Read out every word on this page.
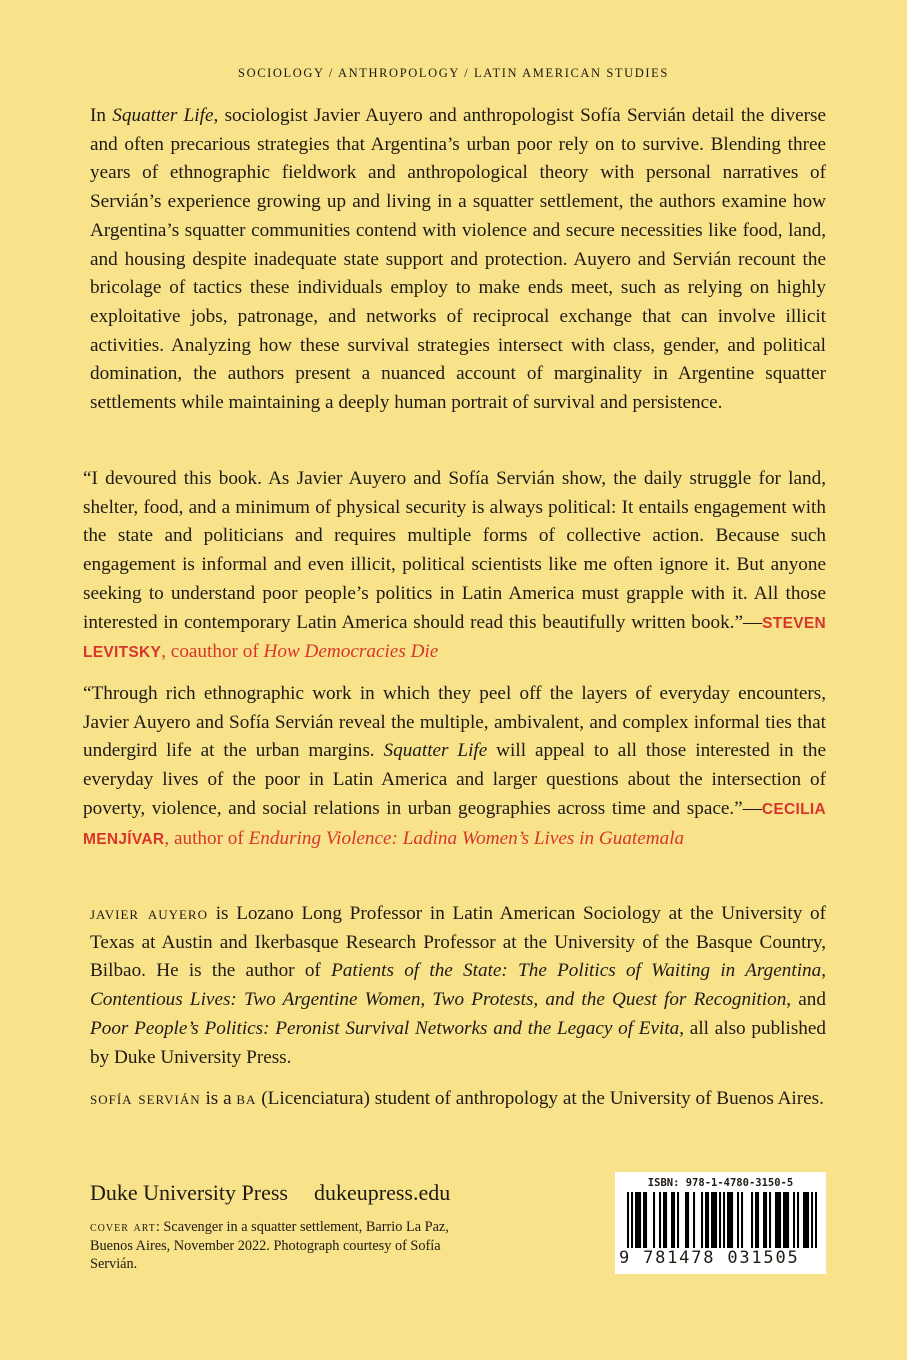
SOCIOLOGY / ANTHROPOLOGY / LATIN AMERICAN STUDIES
In Squatter Life, sociologist Javier Auyero and anthropologist Sofía Servián detail the diverse and often precarious strategies that Argentina’s urban poor rely on to survive. Blending three years of ethnographic fieldwork and anthropological theory with personal narratives of Servián’s experience growing up and living in a squatter settlement, the authors examine how Argentina’s squatter communities contend with violence and secure necessities like food, land, and housing despite inadequate state support and protection. Auyero and Servián recount the bricolage of tactics these individuals employ to make ends meet, such as relying on highly exploitative jobs, patronage, and networks of reciprocal exchange that can involve illicit activities. Analyzing how these survival strategies intersect with class, gender, and political domination, the authors present a nuanced account of marginality in Argentine squatter settlements while maintaining a deeply human portrait of survival and persistence.
“I devoured this book. As Javier Auyero and Sofía Servián show, the daily struggle for land, shelter, food, and a minimum of physical security is always political: It entails engagement with the state and politicians and requires multiple forms of collective action. Because such engagement is informal and even illicit, political scientists like me often ignore it. But anyone seeking to understand poor people’s politics in Latin America must grapple with it. All those interested in contemporary Latin America should read this beautifully written book.”—STEVEN LEVITSKY, coauthor of How Democracies Die
“Through rich ethnographic work in which they peel off the layers of everyday encounters, Javier Auyero and Sofía Servián reveal the multiple, ambivalent, and complex informal ties that undergird life at the urban margins. Squatter Life will appeal to all those interested in the everyday lives of the poor in Latin America and larger questions about the intersection of poverty, violence, and social relations in urban geographies across time and space.”—CECILIA MENJÍVAR, author of Enduring Violence: Ladina Women’s Lives in Guatemala
javier auyero is Lozano Long Professor in Latin American Sociology at the University of Texas at Austin and Ikerbasque Research Professor at the University of the Basque Country, Bilbao. He is the author of Patients of the State: The Politics of Waiting in Argentina, Contentious Lives: Two Argentine Women, Two Protests, and the Quest for Recognition, and Poor People’s Politics: Peronist Survival Networks and the Legacy of Evita, all also published by Duke University Press.
sofía servián is a ba (Licenciatura) student of anthropology at the University of Buenos Aires.
Duke University Press dukeupress.edu
cover art: Scavenger in a squatter settlement, Barrio La Paz, Buenos Aires, November 2022. Photograph courtesy of Sofía Servián.
ISBN: 978-1-4780-3150-5
9 781478 031505
